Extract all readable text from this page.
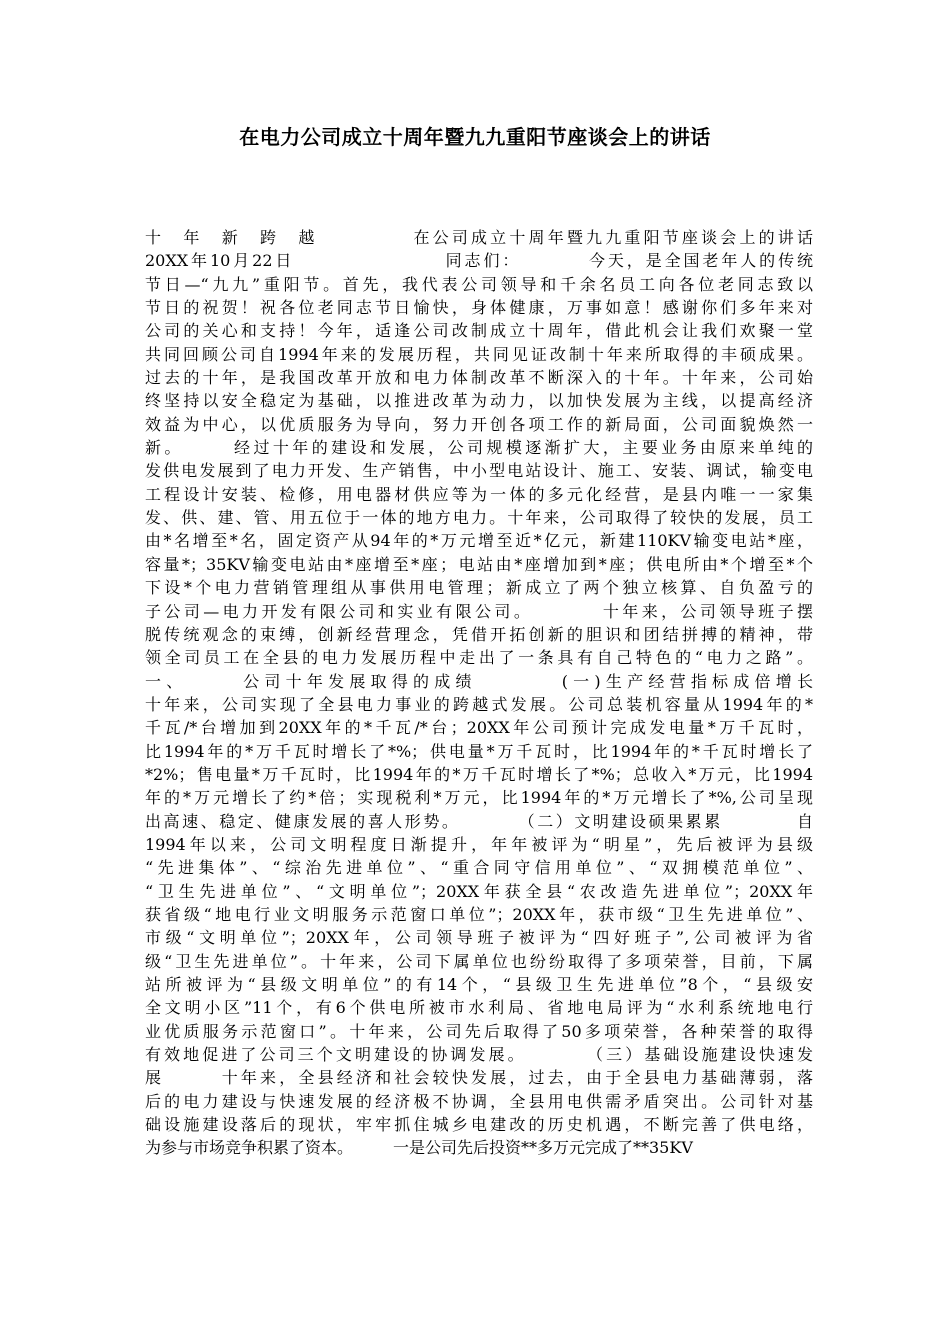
在电力公司成立十周年暨九九重阳节座谈会上的讲话
十　年　新　跨　越　　　　　在公司成立十周年暨九九重阳节座谈会上的讲话
20XX年10月22日　　　　　　　　同志们：　　　　今天，是全国老年人的传统
节日—“九九”重阳节。首先，我代表公司领导和千余名员工向各位老同志致以
节日的祝贺！祝各位老同志节日愉快，身体健康，万事如意！感谢你们多年来对
公司的关心和支持！今年，适逢公司改制成立十周年，借此机会让我们欢聚一堂
共同回顾公司自1994年来的发展历程，共同见证改制十年来所取得的丰硕成果。
过去的十年，是我国改革开放和电力体制改革不断深入的十年。十年来，公司始
终坚持以安全稳定为基础，以推进改革为动力，以加快发展为主线，以提高经济
效益为中心，以优质服务为导向，努力开创各项工作的新局面，公司面貌焕然一
新。　　　经过十年的建设和发展，公司规模逐渐扩大，主要业务由原来单纯的
发供电发展到了电力开发、生产销售，中小型电站设计、施工、安装、调试，输变电
工程设计安装、检修，用电器材供应等为一体的多元化经营，是县内唯一一家集
发、供、建、管、用五位于一体的地方电力。十年来，公司取得了较快的发展，员工
由*名增至*名，固定资产从94年的*万元增至近*亿元，新建110KV输变电站*座，
容量*；35KV输变电站由*座增至*座；电站由*座增加到*座；供电所由*个增至*个
下设*个电力营销管理组从事供用电管理；新成立了两个独立核算、自负盈亏的
子公司—电力开发有限公司和实业有限公司。　　　　十年来，公司领导班子摆
脱传统观念的束缚，创新经营理念，凭借开拓创新的胆识和团结拼搏的精神，带
领全司员工在全县的电力发展历程中走出了一条具有自己特色的“电力之路”。
一、　　　公司十年发展取得的成绩　　　　(一)生产经营指标成倍增长
十年来，公司实现了全县电力事业的跨越式发展。公司总装机容量从1994年的*
千瓦/*台增加到20XX年的*千瓦/*台；20XX年公司预计完成发电量*万千瓦时，
比1994年的*万千瓦时增长了*%；供电量*万千瓦时，比1994年的*千瓦时增长了
*2%；售电量*万千瓦时，比1994年的*万千瓦时增长了*%；总收入*万元，比1994
年的*万元增长了约*倍；实现税利*万元，比1994年的*万元增长了*%,公司呈现
出高速、稳定、健康发展的喜人形势。　　　　（二）文明建设硕果累累　　　　自
1994年以来，公司文明程度日渐提升，年年被评为“明星”，先后被评为县级
“先进集体”、“综治先进单位”、“重合同守信用单位”、“双拥模范单位”、
“卫生先进单位”、“文明单位”；20XX年获全县“农改造先进单位”；20XX年
获省级“地电行业文明服务示范窗口单位”；20XX年，获市级“卫生先进单位”、
市级“文明单位”；20XX年，公司领导班子被评为“四好班子”,公司被评为省
级“卫生先进单位”。十年来，公司下属单位也纷纷取得了多项荣誉，目前，下属
站所被评为“县级文明单位”的有14个，“县级卫生先进单位”8个，“县级安
全文明小区”11个，有6个供电所被市水利局、省地电局评为“水利系统地电行
业优质服务示范窗口”。十年来，公司先后取得了50多项荣誉，各种荣誉的取得
有效地促进了公司三个文明建设的协调发展。　　　　（三）基础设施建设快速发
展　　　十年来，全县经济和社会较快发展，过去，由于全县电力基础薄弱，落
后的电力建设与快速发展的经济极不协调，全县用电供需矛盾突出。公司针对基
础设施建设落后的现状，牢牢抓住城乡电建改的历史机遇，不断完善了供电络，
为参与市场竞争积累了资本。　　　一是公司先后投资**多万元完成了**35KV
